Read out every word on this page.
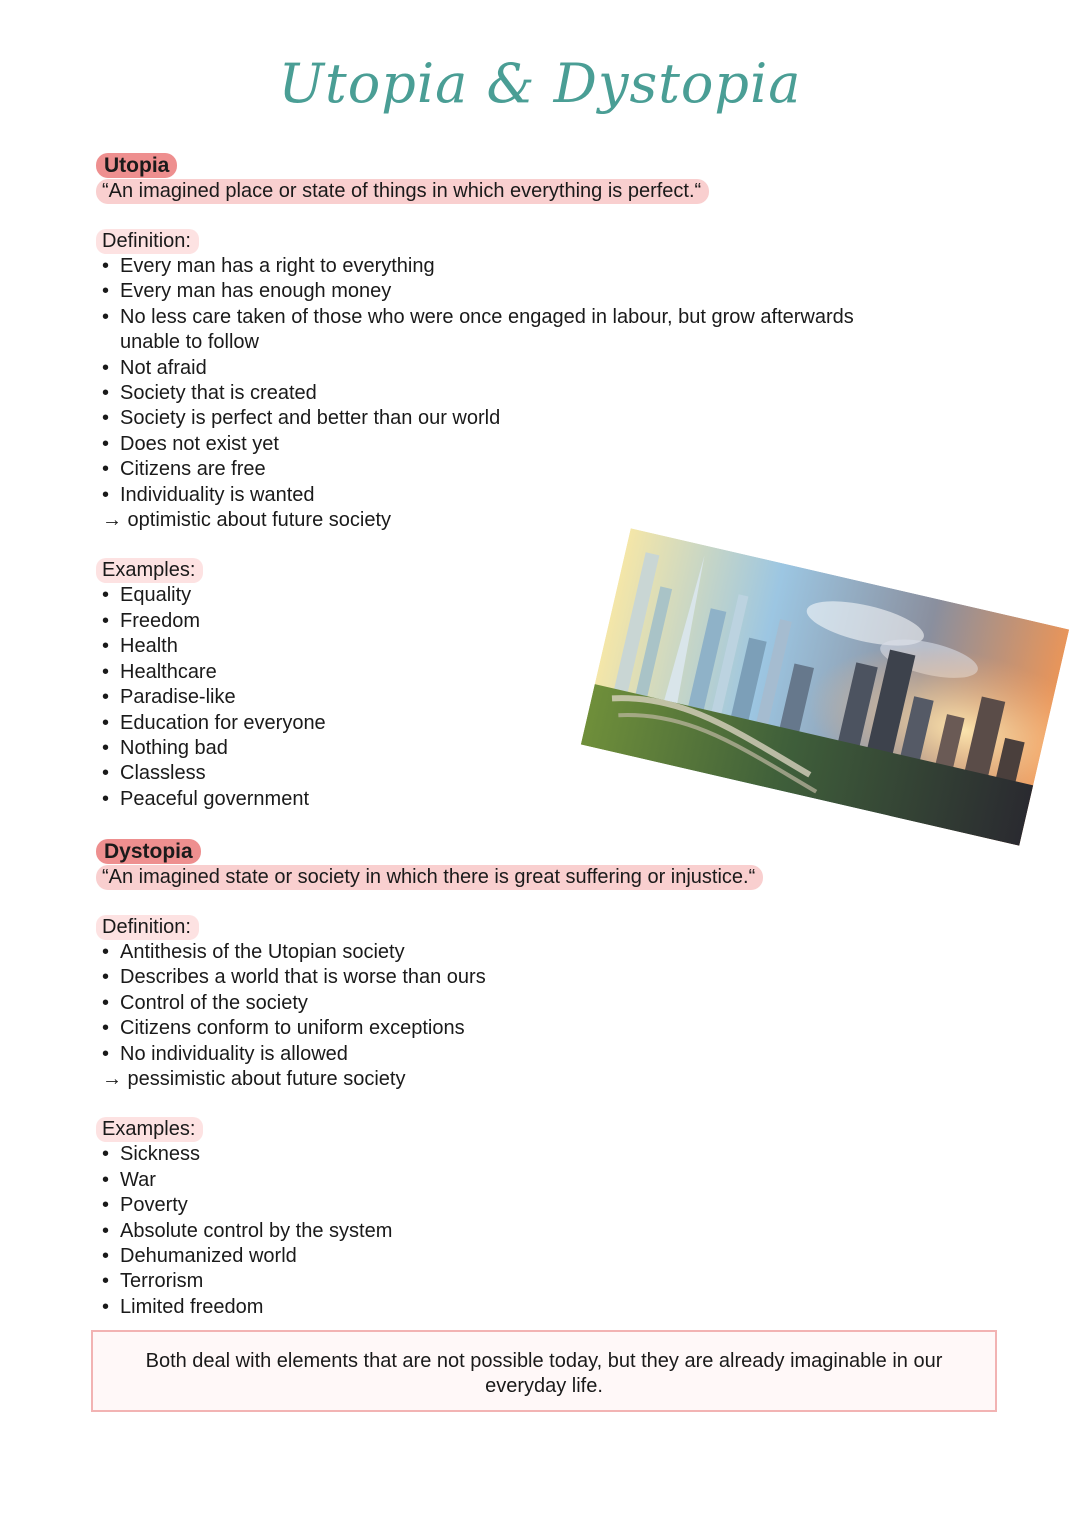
Utopia & Dystopia
Utopia
“An imagined place or state of things in which everything is perfect.“
Definition:
• Every man has a right to everything
• Every man has enough money
• No less care taken of those who were once engaged in labour, but grow afterwards
unable to follow
• Not afraid
• Society that is created
• Society is perfect and better than our world
• Does not exist yet
• Citizens are free
• Individuality is wanted
→ optimistic about future society
Examples:
• Equality
• Freedom
• Health
• Healthcare
• Paradise-like
• Education for everyone
• Nothing bad
• Classless
• Peaceful government
Dystopia
“An imagined state or society in which there is great suffering or injustice.“
Definition:
• Antithesis of the Utopian society
• Describes a world that is worse than ours
• Control of the society
• Citizens conform to uniform exceptions
• No individuality is allowed
→ pessimistic about future society
Examples:
• Sickness
• War
• Poverty
• Absolute control by the system
• Dehumanized world
• Terrorism
• Limited freedom
Both deal with elements that are not possible today, but they are already imaginable in our everyday life.
